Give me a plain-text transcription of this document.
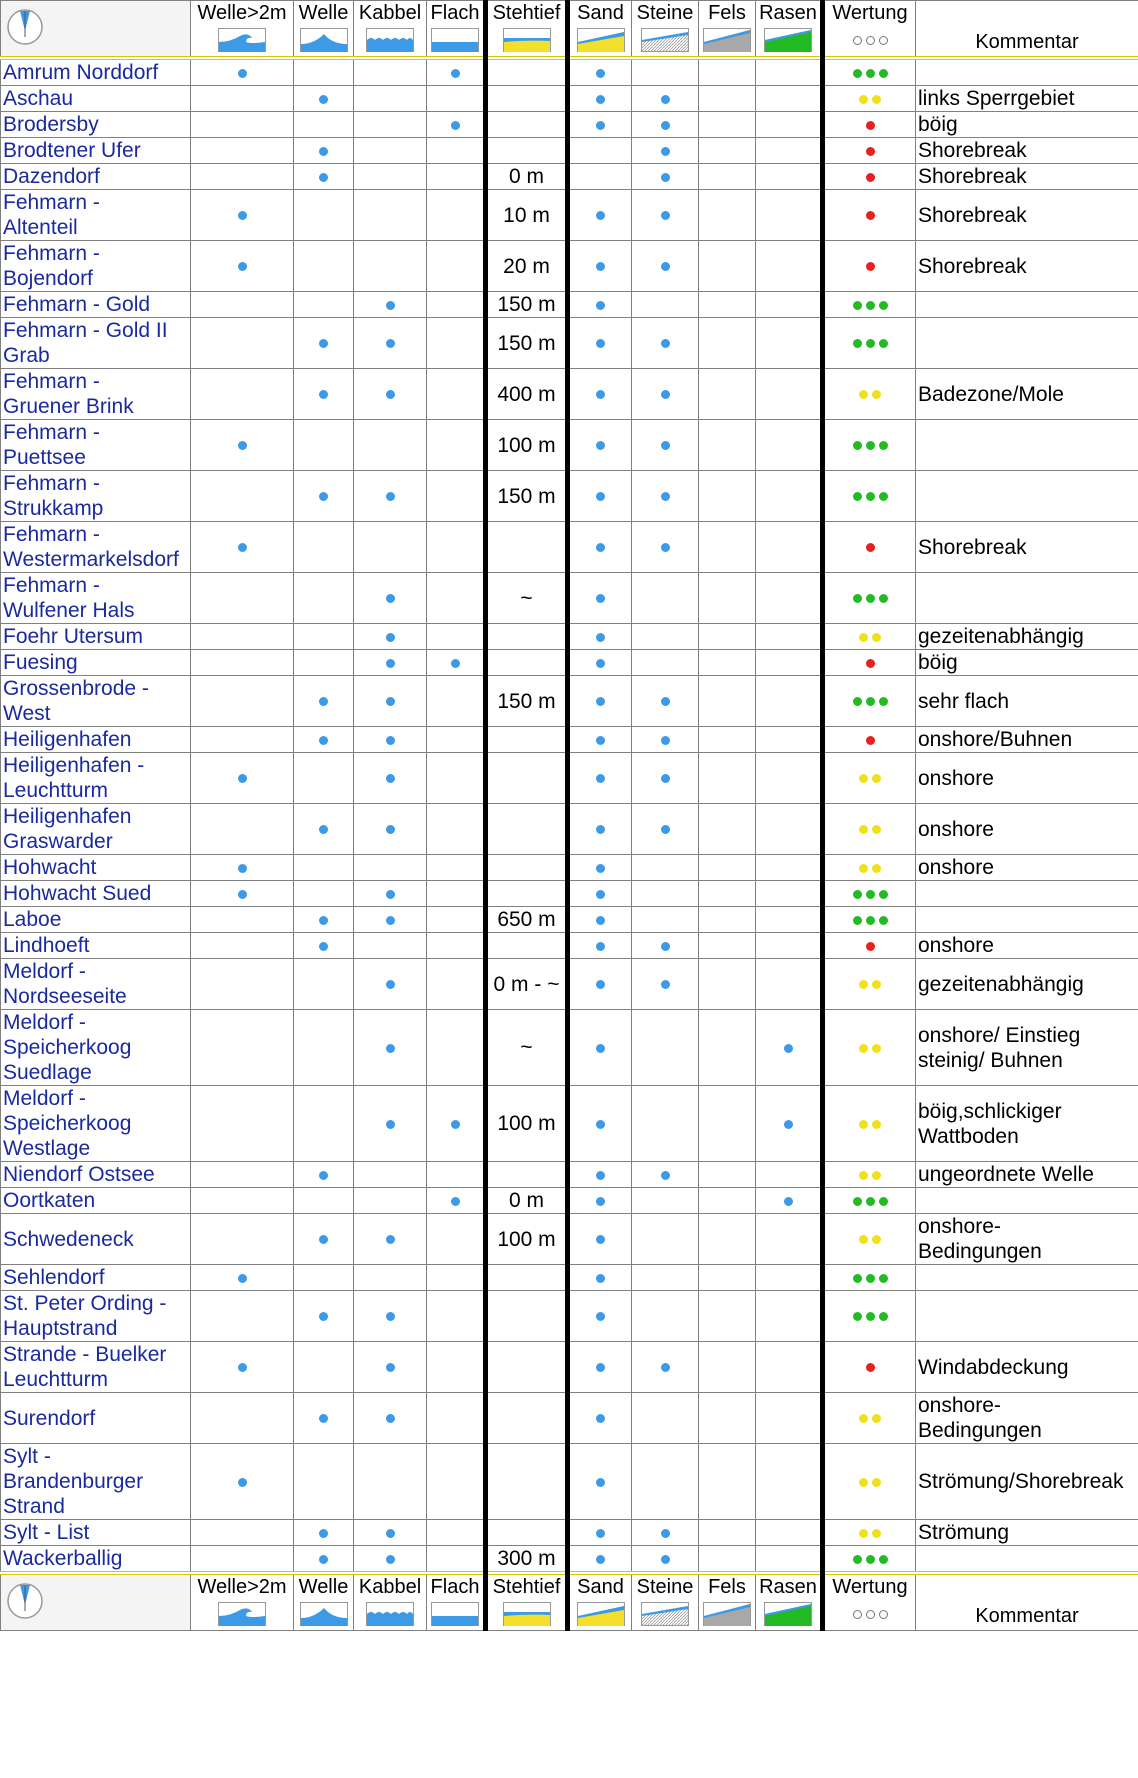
Welle>2m	Welle	Kabbel	Flach	Stehtief	Sand	Steine	Fels	Rasen	Wertung	Kommentar

Amrum Norddorf											
Aschau											links Sperrgebiet
Brodersby											böig
Brodtener Ufer											Shorebreak
Dazendorf					0 m						Shorebreak
Fehmarn -
Altenteil					10 m						Shorebreak
Fehmarn -
Bojendorf					20 m						Shorebreak
Fehmarn - Gold					150 m						
Fehmarn - Gold II
Grab					150 m						
Fehmarn -
Gruener Brink					400 m						Badezone/Mole
Fehmarn -
Puettsee					100 m						
Fehmarn -
Strukkamp					150 m						
Fehmarn -
Westermarkelsdorf											Shorebreak
Fehmarn -
Wulfener Hals					~						
Foehr Utersum											gezeitenabhängig
Fuesing											böig
Grossenbrode -
West					150 m						sehr flach
Heiligenhafen											onshore/Buhnen
Heiligenhafen -
Leuchtturm											onshore
Heiligenhafen
Graswarder											onshore
Hohwacht											onshore
Hohwacht Sued											
Laboe					650 m						
Lindhoeft											onshore
Meldorf -
Nordseeseite					0 m - ~						gezeitenabhängig
Meldorf -
Speicherkoog
Suedlage					~						onshore/ Einstieg
steinig/ Buhnen
Meldorf -
Speicherkoog
Westlage					100 m						böig,schlickiger
Wattboden
Niendorf Ostsee											ungeordnete Welle
Oortkaten					0 m						
Schwedeneck					100 m						onshore-
Bedingungen
Sehlendorf											
St. Peter Ording -
Hauptstrand											
Strande - Buelker
Leuchtturm											Windabdeckung
Surendorf											onshore-
Bedingungen
Sylt -
Brandenburger
Strand											Strömung/Shorebreak
Sylt - List											Strömung
Wackerballig					300 m						

Welle>2m	Welle	Kabbel	Flach	Stehtief	Sand	Steine	Fels	Rasen	Wertung	Kommentar
